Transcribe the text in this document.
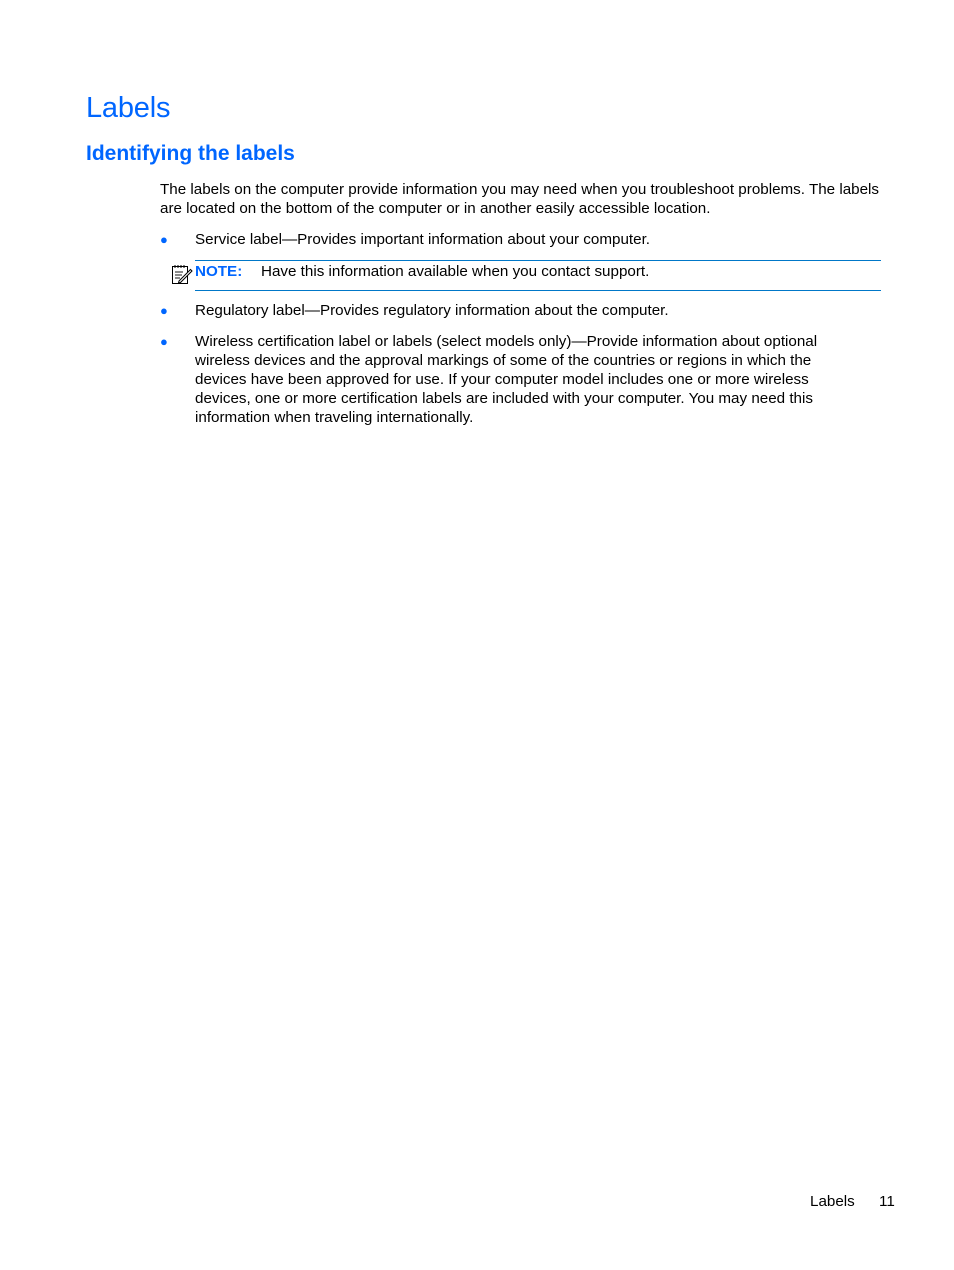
Labels
Identifying the labels

The labels on the computer provide information you may need when you troubleshoot problems. The labels are located on the bottom of the computer or in another easily accessible location.

● Service label—Provides important information about your computer.
NOTE: Have this information available when you contact support.
● Regulatory label—Provides regulatory information about the computer.
● Wireless certification label or labels (select models only)—Provide information about optional wireless devices and the approval markings of some of the countries or regions in which the devices have been approved for use. If your computer model includes one or more wireless devices, one or more certification labels are included with your computer. You may need this information when traveling internationally.
Labels 11
